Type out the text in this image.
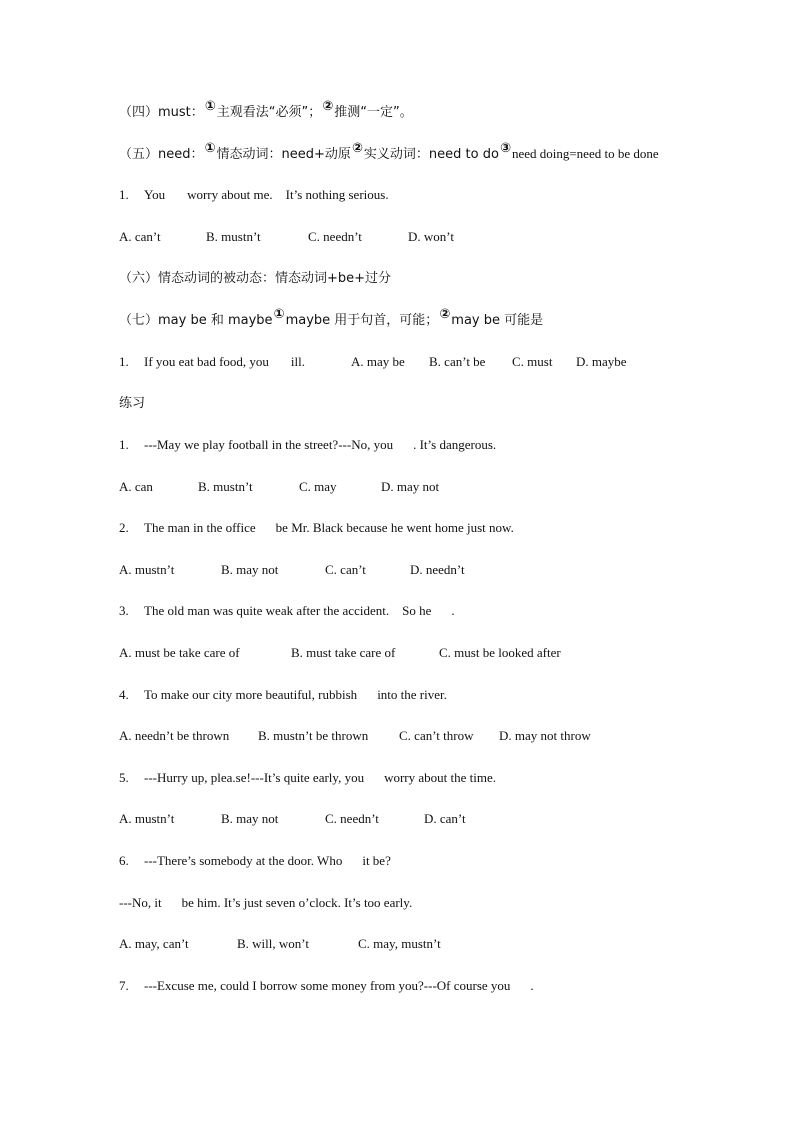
（四）must：①主观看法“必须”；②推测“一定”。
（五）need：①情态动词：need+动原②实义动词：need to do③need doing=need to be done
1. You worry about me.　It’s nothing serious.
A. can’t	B. mustn’t	C. needn’t	D. won’t
（六）情态动词的被动态：情态动词+be+过分
（七）may be 和 maybe①maybe 用于句首，可能；②may be 可能是
1. If you eat bad food, you ill.	A. may be B. can’t be C. must D. maybe
练习
1. ---May we play football in the street?---No, you . It’s dangerous.
A. can	B. mustn’t	C. may	D. may not
2. The man in the office be Mr. Black because he went home just now.
A. mustn’t	B. may not	C. can’t	D. needn’t
3. The old man was quite weak after the accident.　So he .
A. must be take care of	B. must take care of	C. must be looked after
4. To make our city more beautiful, rubbish into the river.
A. needn’t be thrown B. mustn’t be thrown C. can’t throw D. may not throw
5. ---Hurry up, plea.se!---It’s quite early, you worry about the time.
A. mustn’t	B. may not	C. needn’t	D. can’t
6. ---There’s somebody at the door. Who it be?
---No, it be him. It’s just seven o’clock. It’s too early.
A. may, can’t	B. will, won’t	C. may, mustn’t
7. ---Excuse me, could I borrow some money from you?---Of course you .
